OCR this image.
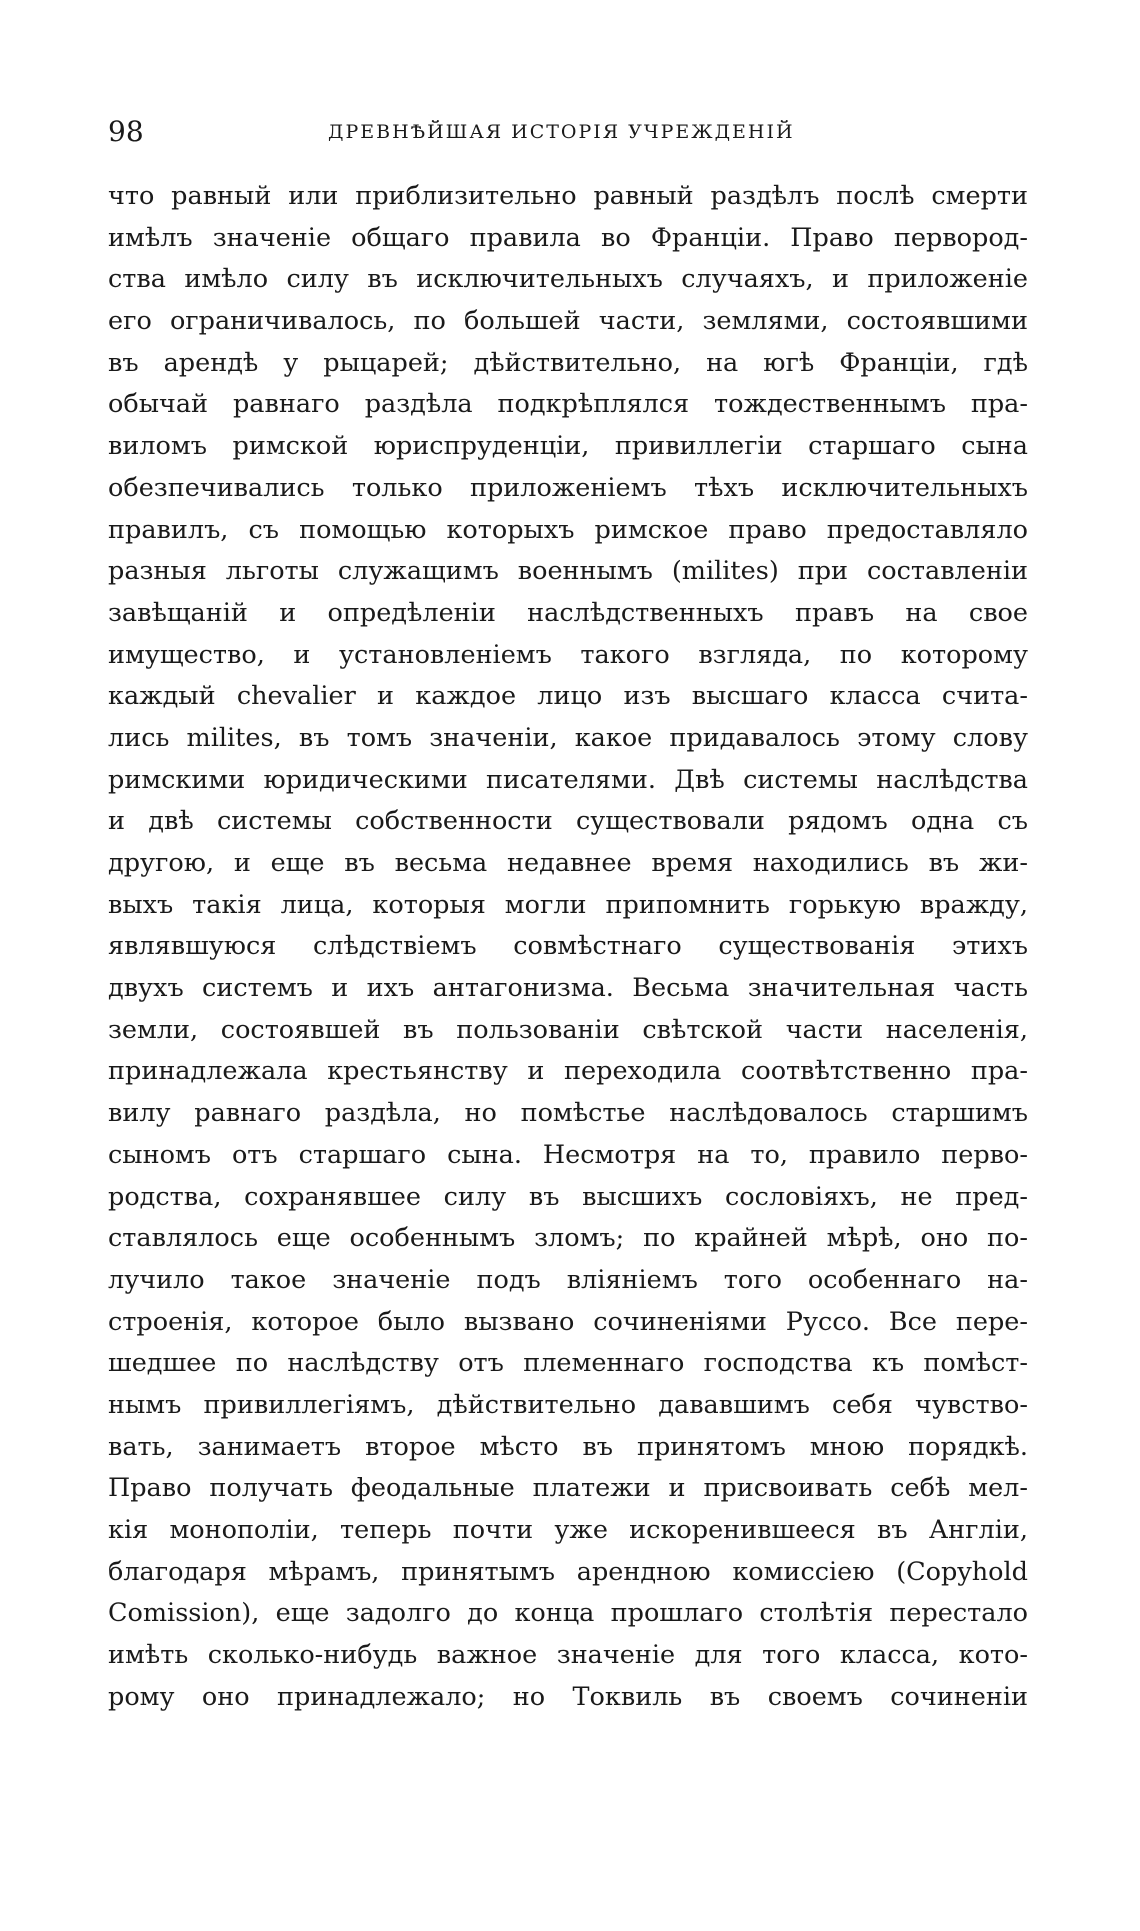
98	ДРЕВНѢЙШАЯ ИСТОРІЯ УЧРЕЖДЕНІЙ
что равный или приблизительно равный раздѣлъ послѣ смерти
имѣлъ значеніе общаго правила во Франціи. Право первород-
ства имѣло силу въ исключительныхъ случаяхъ, и приложеніе
его ограничивалось, по большей части, землями, состоявшими
въ арендѣ у рыцарей; дѣйствительно, на югѣ Франціи, гдѣ
обычай равнаго раздѣла подкрѣплялся тождественнымъ пра-
виломъ римской юриспруденціи, привиллегіи старшаго сына
обезпечивались только приложеніемъ тѣхъ исключительныхъ
правилъ, съ помощью которыхъ римское право предоставляло
разныя льготы служащимъ военнымъ (milites) при составленіи
завѣщаній и опредѣленіи наслѣдственныхъ правъ на свое
имущество, и установленіемъ такого взгляда, по которому
каждый chevalier и каждое лицо изъ высшаго класса счита-
лись milites, въ томъ значеніи, какое придавалось этому слову
римскими юридическими писателями. Двѣ системы наслѣдства
и двѣ системы собственности существовали рядомъ одна съ
другою, и еще въ весьма недавнее время находились въ жи-
выхъ такія лица, которыя могли припомнить горькую вражду,
являвшуюся слѣдствіемъ совмѣстнаго существованія этихъ
двухъ системъ и ихъ антагонизма. Весьма значительная часть
земли, состоявшей въ пользованіи свѣтской части населенія,
принадлежала крестьянству и переходила соотвѣтственно пра-
вилу равнаго раздѣла, но помѣстье наслѣдовалось старшимъ
сыномъ отъ старшаго сына. Несмотря на то, правило перво-
родства, сохранявшее силу въ высшихъ сословіяхъ, не пред-
ставлялось еще особеннымъ зломъ; по крайней мѣрѣ, оно по-
лучило такое значеніе подъ вліяніемъ того особеннаго на-
строенія, которое было вызвано сочиненіями Руссо. Все пере-
шедшее по наслѣдству отъ племеннаго господства къ помѣст-
нымъ привиллегіямъ, дѣйствительно дававшимъ себя чувство-
вать, занимаетъ второе мѣсто въ принятомъ мною порядкѣ.
Право получать феодальные платежи и присвоивать себѣ мел-
кія монополіи, теперь почти уже искоренившееся въ Англіи,
благодаря мѣрамъ, принятымъ арендною комиссіею (Copyhold
Comission), еще задолго до конца прошлаго столѣтія перестало
имѣть сколько-нибудь важное значеніе для того класса, кото-
рому оно принадлежало; но Токвиль въ своемъ сочиненіи
